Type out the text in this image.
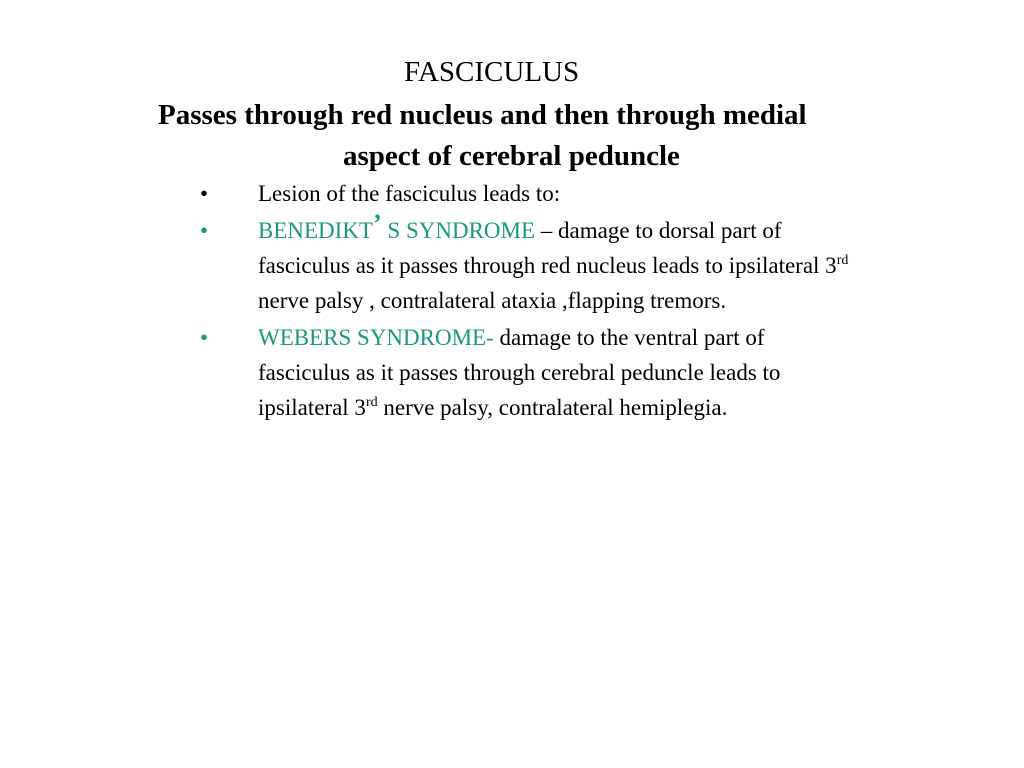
FASCICULUS
Passes through red nucleus and then through medial
aspect of cerebral peduncle
•	Lesion of the fasciculus leads to:
•	BENEDIKT’ S SYNDROME – damage to dorsal part of
fasciculus as it passes through red nucleus leads to ipsilateral 3rd
nerve palsy , contralateral ataxia ,flapping tremors.
•	WEBERS SYNDROME- damage to the ventral part of
fasciculus as it passes through cerebral peduncle leads to
ipsilateral 3rd nerve palsy, contralateral hemiplegia.
